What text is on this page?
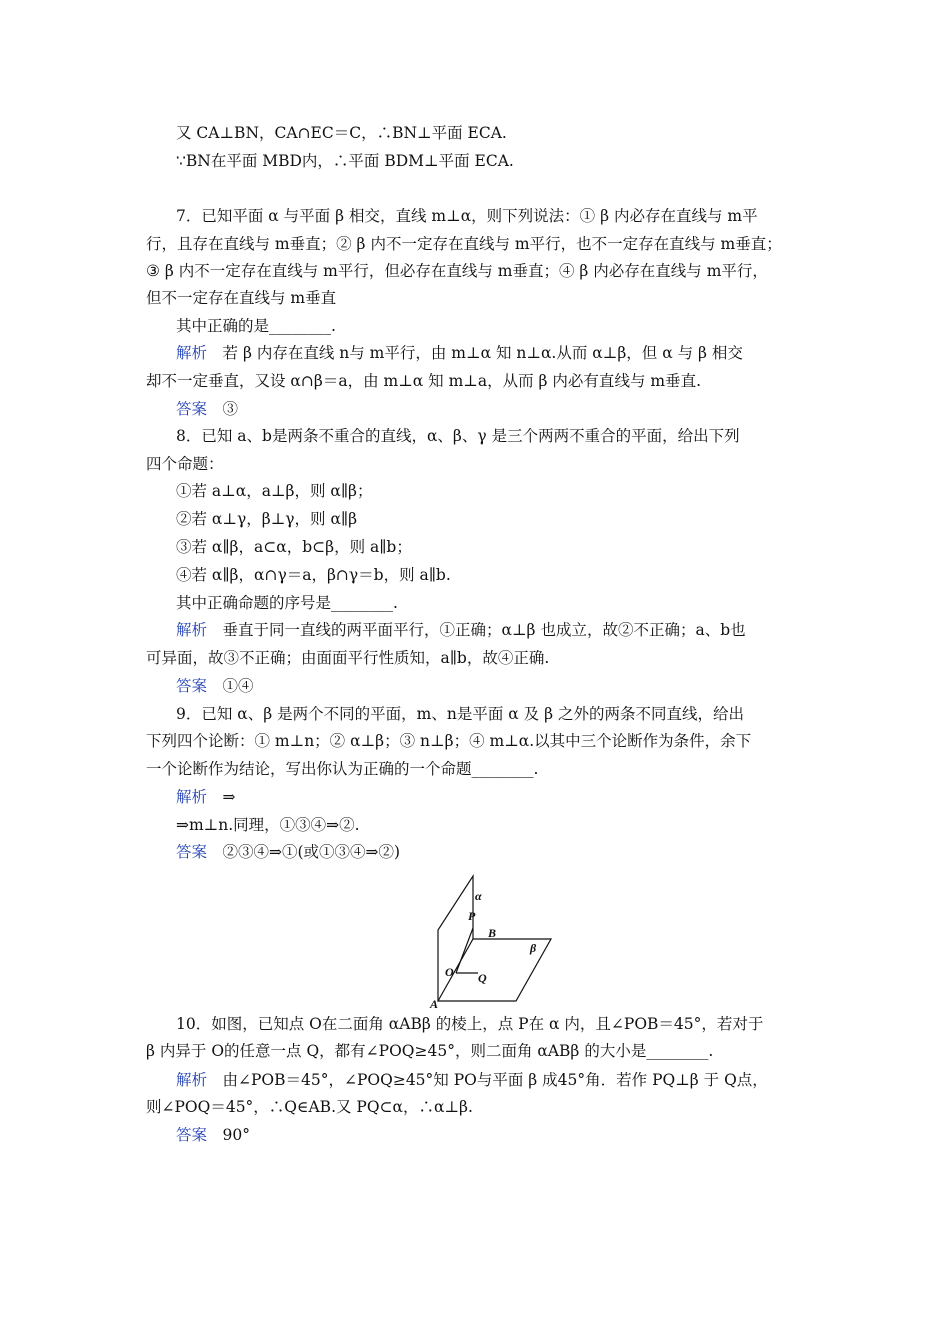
又 CA⊥BN，CA∩EC＝C，∴BN⊥平面 ECA.
∵BN在平面 MBD内，∴平面 BDM⊥平面 ECA.
7．已知平面 α 与平面 β 相交，直线 m⊥α，则下列说法：① β 内必存在直线与 m平
行，且存在直线与 m垂直；② β 内不一定存在直线与 m平行，也不一定存在直线与 m垂直；
③ β 内不一定存在直线与 m平行，但必存在直线与 m垂直；④ β 内必存在直线与 m平行，
但不一定存在直线与 m垂直
其中正确的是________.
解析　若 β 内存在直线 n与 m平行，由 m⊥α 知 n⊥α.从而 α⊥β，但 α 与 β 相交
却不一定垂直，又设 α∩β＝a，由 m⊥α 知 m⊥a，从而 β 内必有直线与 m垂直.
答案　③
8．已知 a、b是两条不重合的直线，α、β、γ 是三个两两不重合的平面，给出下列
四个命题：
①若 a⊥α，a⊥β，则 α∥β；
②若 α⊥γ，β⊥γ，则 α∥β
③若 α∥β，a⊂α，b⊂β，则 a∥b；
④若 α∥β，α∩γ＝a，β∩γ＝b，则 a∥b.
其中正确命题的序号是________.
解析　垂直于同一直线的两平面平行，①正确；α⊥β 也成立，故②不正确；a、b也
可异面，故③不正确；由面面平行性质知，a∥b，故④正确.
答案　①④
9．已知 α、β 是两个不同的平面，m、n是平面 α 及 β 之外的两条不同直线，给出
下列四个论断：① m⊥n；② α⊥β；③ n⊥β；④ m⊥α.以其中三个论断作为条件，余下
一个论断作为结论，写出你认为正确的一个命题________.
解析　⇒
⇒m⊥n.同理，①③④⇒②.
答案　②③④⇒①(或①③④⇒②)
10．如图，已知点 O在二面角 αABβ 的棱上，点 P在 α 内，且∠POB＝45°，若对于
β 内异于 O的任意一点 Q，都有∠POQ≥45°，则二面角 αABβ 的大小是________.
解析　由∠POB＝45°，∠POQ≥45°知 PO与平面 β 成45°角．若作 PQ⊥β 于 Q点，
则∠POQ＝45°，∴Q∈AB.又 PQ⊂α，∴α⊥β.
答案　90°
α
P
B
β
O Q
A
